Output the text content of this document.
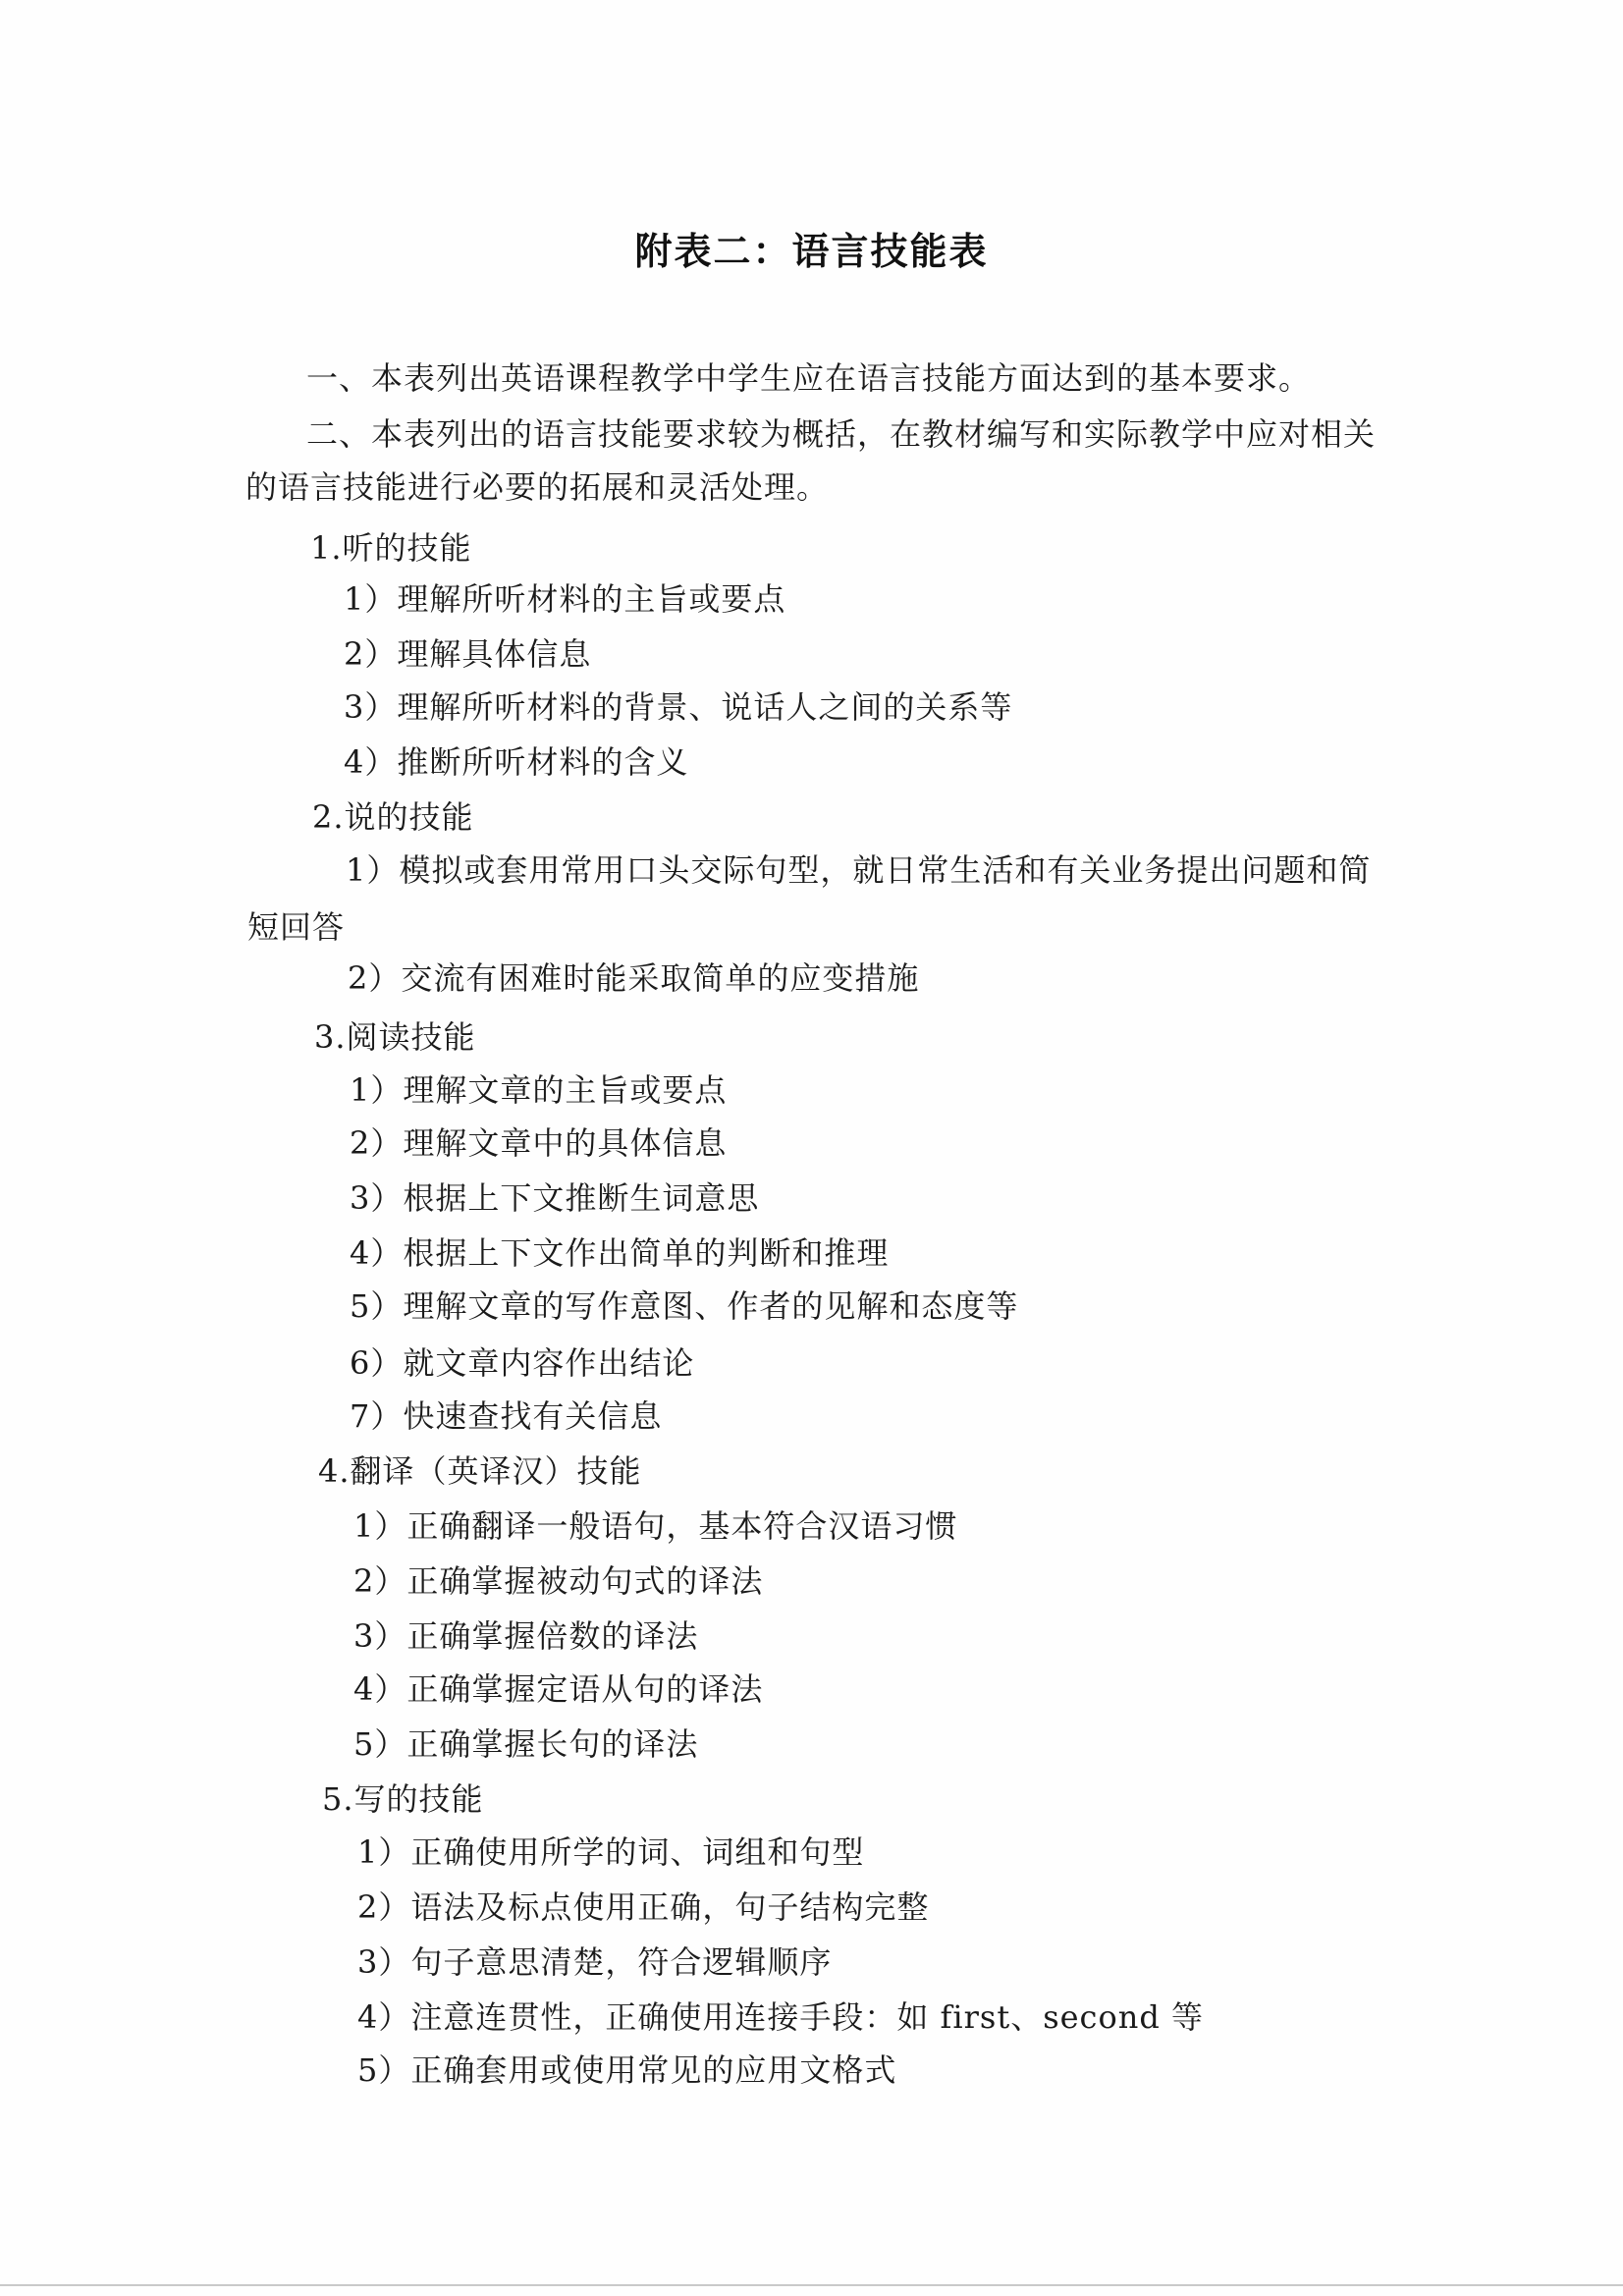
附表二：语言技能表
一、本表列出英语课程教学中学生应在语言技能方面达到的基本要求。
二、本表列出的语言技能要求较为概括，在教材编写和实际教学中应对相关
的语言技能进行必要的拓展和灵活处理。
1.听的技能
1）理解所听材料的主旨或要点
2）理解具体信息
3）理解所听材料的背景、说话人之间的关系等
4）推断所听材料的含义
2.说的技能
1）模拟或套用常用口头交际句型，就日常生活和有关业务提出问题和简
短回答
2）交流有困难时能采取简单的应变措施
3.阅读技能
1）理解文章的主旨或要点
2）理解文章中的具体信息
3）根据上下文推断生词意思
4）根据上下文作出简单的判断和推理
5）理解文章的写作意图、作者的见解和态度等
6）就文章内容作出结论
7）快速查找有关信息
4.翻译（英译汉）技能
1）正确翻译一般语句，基本符合汉语习惯
2）正确掌握被动句式的译法
3）正确掌握倍数的译法
4）正确掌握定语从句的译法
5）正确掌握长句的译法
5.写的技能
1）正确使用所学的词、词组和句型
2）语法及标点使用正确，句子结构完整
3）句子意思清楚，符合逻辑顺序
4）注意连贯性，正确使用连接手段：如 first、second 等
5）正确套用或使用常见的应用文格式
